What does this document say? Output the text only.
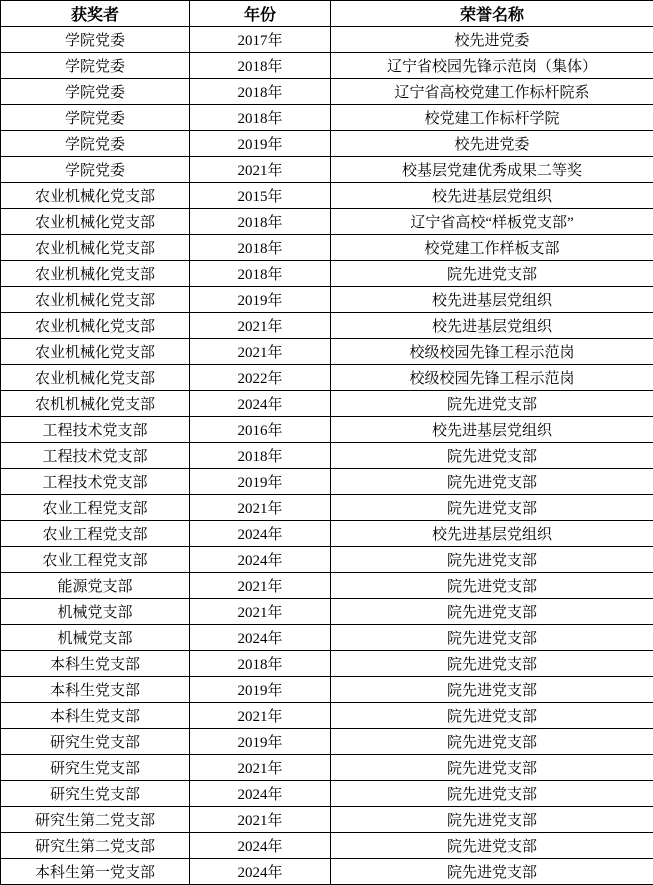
获奖者	年份	荣誉名称
学院党委	2017年	校先进党委
学院党委	2018年	辽宁省校园先锋示范岗（集体）
学院党委	2018年	辽宁省高校党建工作标杆院系
学院党委	2018年	校党建工作标杆学院
学院党委	2019年	校先进党委
学院党委	2021年	校基层党建优秀成果二等奖
农业机械化党支部	2015年	校先进基层党组织
农业机械化党支部	2018年	辽宁省高校“样板党支部”
农业机械化党支部	2018年	校党建工作样板支部
农业机械化党支部	2018年	院先进党支部
农业机械化党支部	2019年	校先进基层党组织
农业机械化党支部	2021年	校先进基层党组织
农业机械化党支部	2021年	校级校园先锋工程示范岗
农业机械化党支部	2022年	校级校园先锋工程示范岗
农机机械化党支部	2024年	院先进党支部
工程技术党支部	2016年	校先进基层党组织
工程技术党支部	2018年	院先进党支部
工程技术党支部	2019年	院先进党支部
农业工程党支部	2021年	院先进党支部
农业工程党支部	2024年	校先进基层党组织
农业工程党支部	2024年	院先进党支部
能源党支部	2021年	院先进党支部
机械党支部	2021年	院先进党支部
机械党支部	2024年	院先进党支部
本科生党支部	2018年	院先进党支部
本科生党支部	2019年	院先进党支部
本科生党支部	2021年	院先进党支部
研究生党支部	2019年	院先进党支部
研究生党支部	2021年	院先进党支部
研究生党支部	2024年	院先进党支部
研究生第二党支部	2021年	院先进党支部
研究生第二党支部	2024年	院先进党支部
本科生第一党支部	2024年	院先进党支部
